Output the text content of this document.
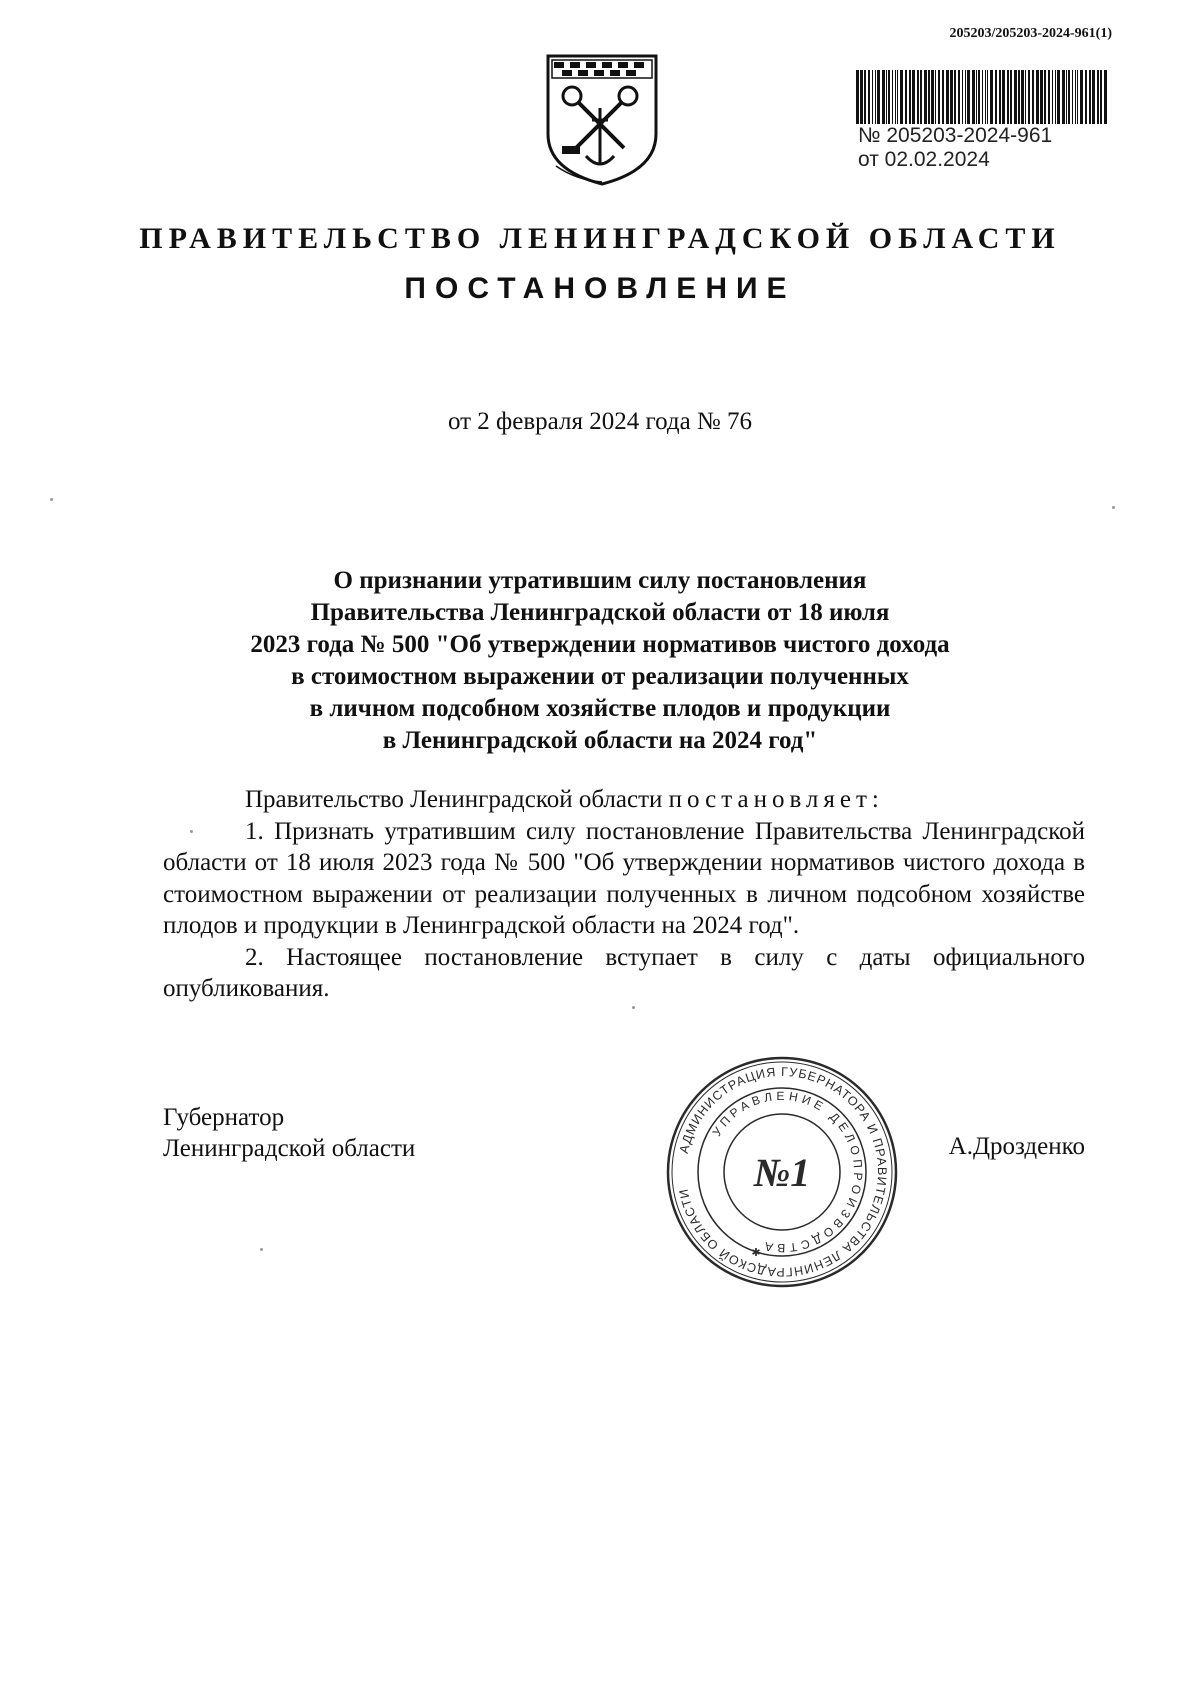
205203/205203-2024-961(1)
№ 205203-2024-961
от 02.02.2024
ПРАВИТЕЛЬСТВО ЛЕНИНГРАДСКОЙ ОБЛАСТИ
ПОСТАНОВЛЕНИЕ
от 2 февраля 2024 года № 76
О признании утратившим силу постановления
Правительства Ленинградской области от 18 июля
2023 года № 500 "Об утверждении нормативов чистого дохода
в стоимостном выражении от реализации полученных
в личном подсобном хозяйстве плодов и продукции
в Ленинградской области на 2024 год"
Правительство Ленинградской области постановляет:

1. Признать утратившим силу постановление Правительства Ленинградской области от 18 июля 2023 года № 500 "Об утверждении нормативов чистого дохода в стоимостном выражении от реализации полученных в личном подсобном хозяйстве плодов и продукции в Ленинградской области на 2024 год".

2. Настоящее постановление вступает в силу с даты официального опубликования.

Губернатор
Ленинградской области	А.Дрозденко
АДМИНИСТРАЦИЯ ГУБЕРНАТОРА И ПРАВИТЕЛЬСТВА ЛЕНИНГРАДСКОЙ ОБЛАСТИ
УПРАВЛЕНИЕ ДЕЛОПРОИЗВОДСТВА
№1
✱
